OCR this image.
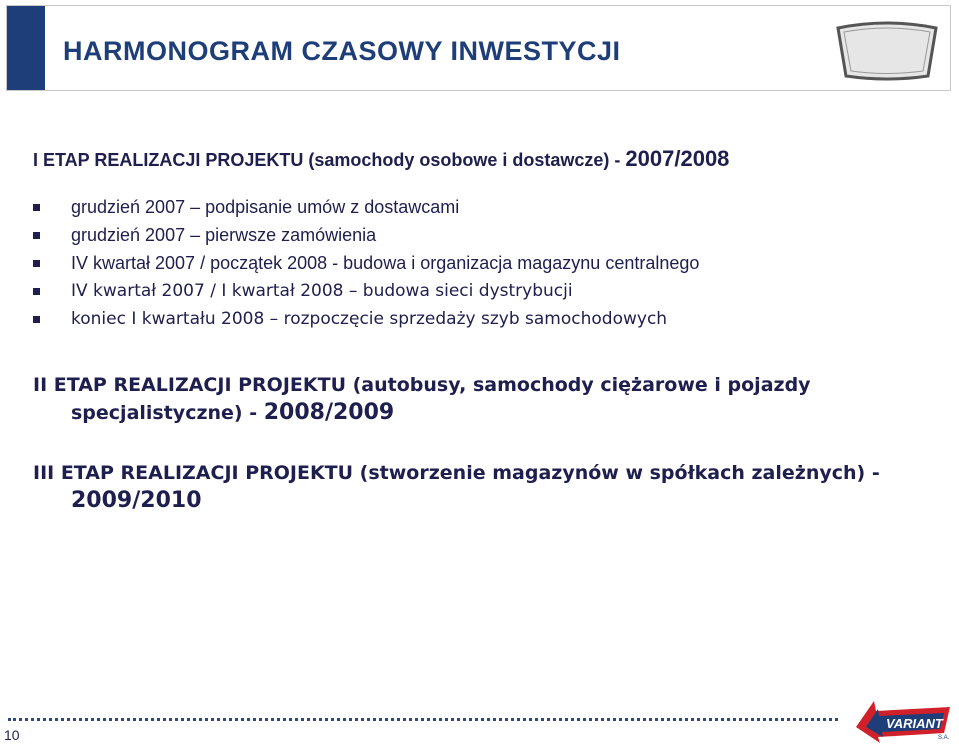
HARMONOGRAM CZASOWY INWESTYCJI
I ETAP REALIZACJI PROJEKTU (samochody osobowe i dostawcze) - 2007/2008
grudzień 2007 – podpisanie umów z dostawcami
grudzień 2007 – pierwsze zamówienia
IV kwartał 2007 / początek 2008 - budowa i organizacja magazynu centralnego
IV kwartał 2007 / I kwartał 2008 – budowa sieci dystrybucji
koniec I kwartału 2008 – rozpoczęcie sprzedaży szyb samochodowych
II ETAP REALIZACJI PROJEKTU (autobusy, samochody ciężarowe i pojazdy
specjalistyczne) - 2008/2009
III ETAP REALIZACJI PROJEKTU (stworzenie magazynów w spółkach zależnych) -
2009/2010
10
VARIANT
S.A.
